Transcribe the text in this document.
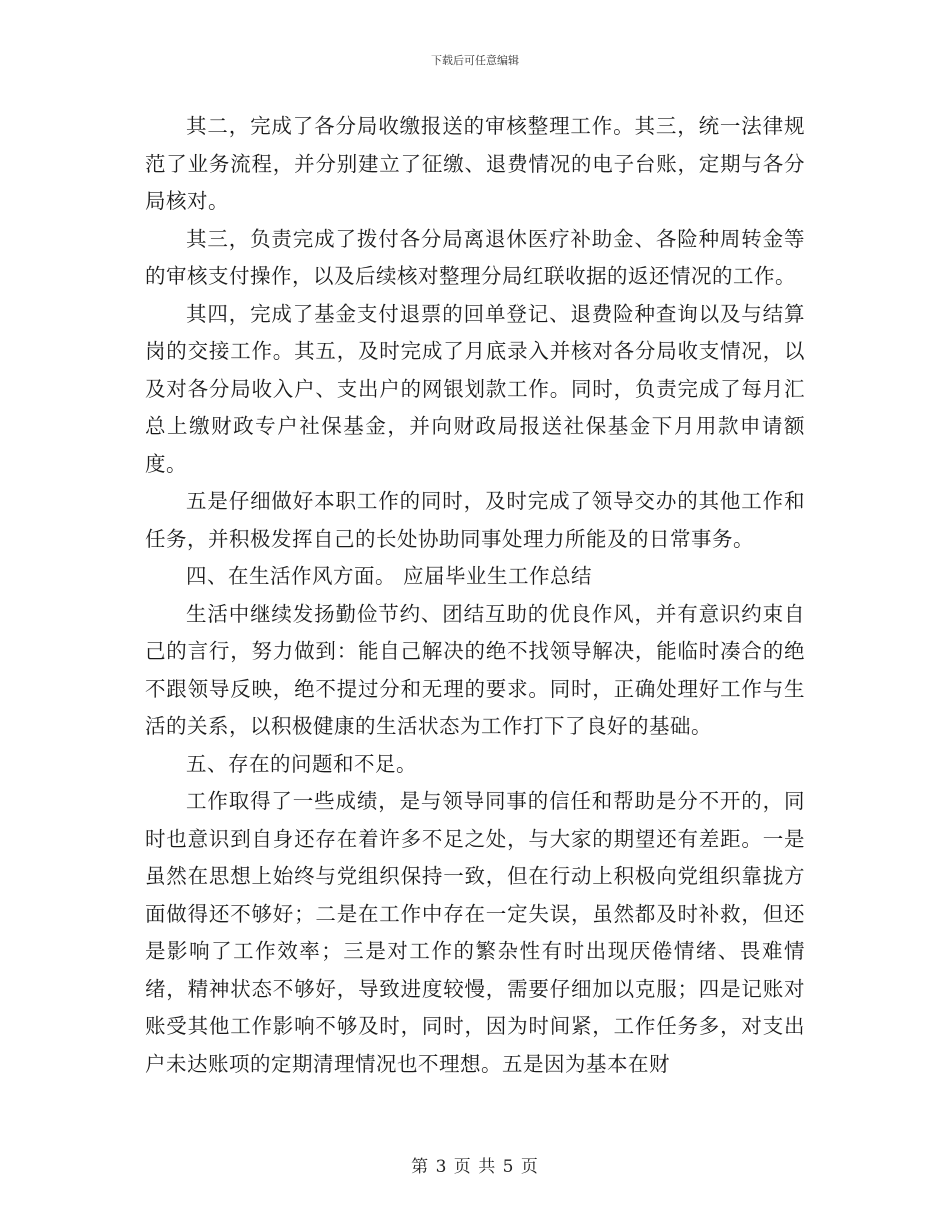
下载后可任意编辑

其二，完成了各分局收缴报送的审核整理工作。其三，统一法律规范了业务流程，并分别建立了征缴、退费情况的电子台账，定期与各分局核对。

其三，负责完成了拨付各分局离退休医疗补助金、各险种周转金等的审核支付操作，以及后续核对整理分局红联收据的返还情况的工作。

其四，完成了基金支付退票的回单登记、退费险种查询以及与结算岗的交接工作。其五，及时完成了月底录入并核对各分局收支情况，以及对各分局收入户、支出户的网银划款工作。同时，负责完成了每月汇总上缴财政专户社保基金，并向财政局报送社保基金下月用款申请额度。

五是仔细做好本职工作的同时，及时完成了领导交办的其他工作和任务，并积极发挥自己的长处协助同事处理力所能及的日常事务。

四、在生活作风方面。 应届毕业生工作总结

生活中继续发扬勤俭节约、团结互助的优良作风，并有意识约束自己的言行，努力做到：能自己解决的绝不找领导解决，能临时凑合的绝不跟领导反映，绝不提过分和无理的要求。同时，正确处理好工作与生活的关系，以积极健康的生活状态为工作打下了良好的基础。

五、存在的问题和不足。

工作取得了一些成绩，是与领导同事的信任和帮助是分不开的，同时也意识到自身还存在着许多不足之处，与大家的期望还有差距。一是虽然在思想上始终与党组织保持一致，但在行动上积极向党组织靠拢方面做得还不够好；二是在工作中存在一定失误，虽然都及时补救，但还是影响了工作效率；三是对工作的繁杂性有时出现厌倦情绪、畏难情绪，精神状态不够好，导致进度较慢，需要仔细加以克服；四是记账对账受其他工作影响不够及时，同时，因为时间紧，工作任务多，对支出户未达账项的定期清理情况也不理想。五是因为基本在财

第 3 页 共 5 页
